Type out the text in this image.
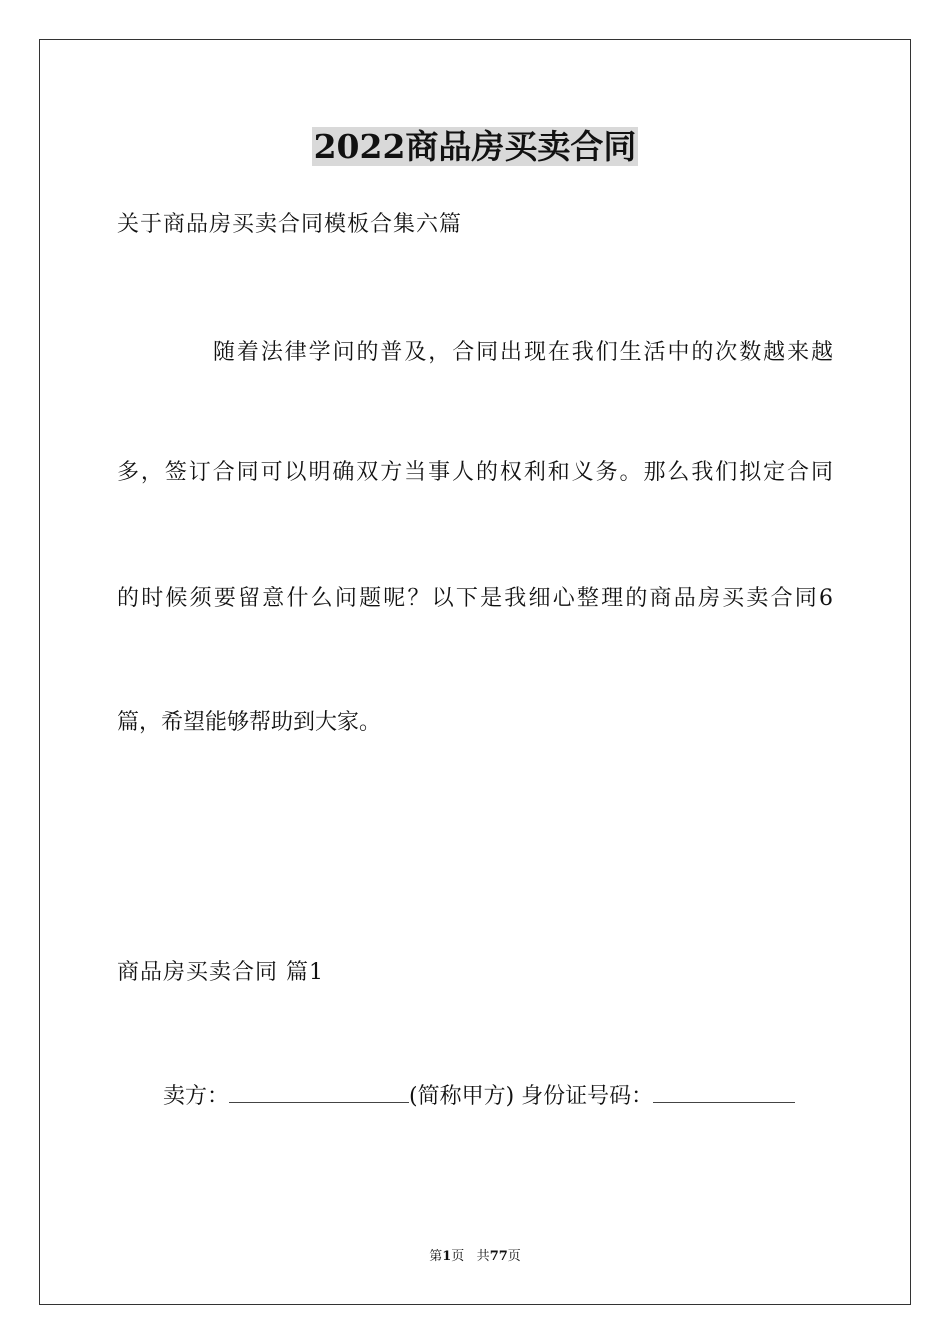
2022商品房买卖合同

关于商品房买卖合同模板合集六篇

随着法律学问的普及，合同出现在我们生活中的次数越来越

多，签订合同可以明确双方当事人的权利和义务。那么我们拟定合同

的时候须要留意什么问题呢？以下是我细心整理的商品房买卖合同6

篇，希望能够帮助到大家。

商品房买卖合同 篇1

卖方：	(简称甲方) 身份证号码：

第1页 共77页
